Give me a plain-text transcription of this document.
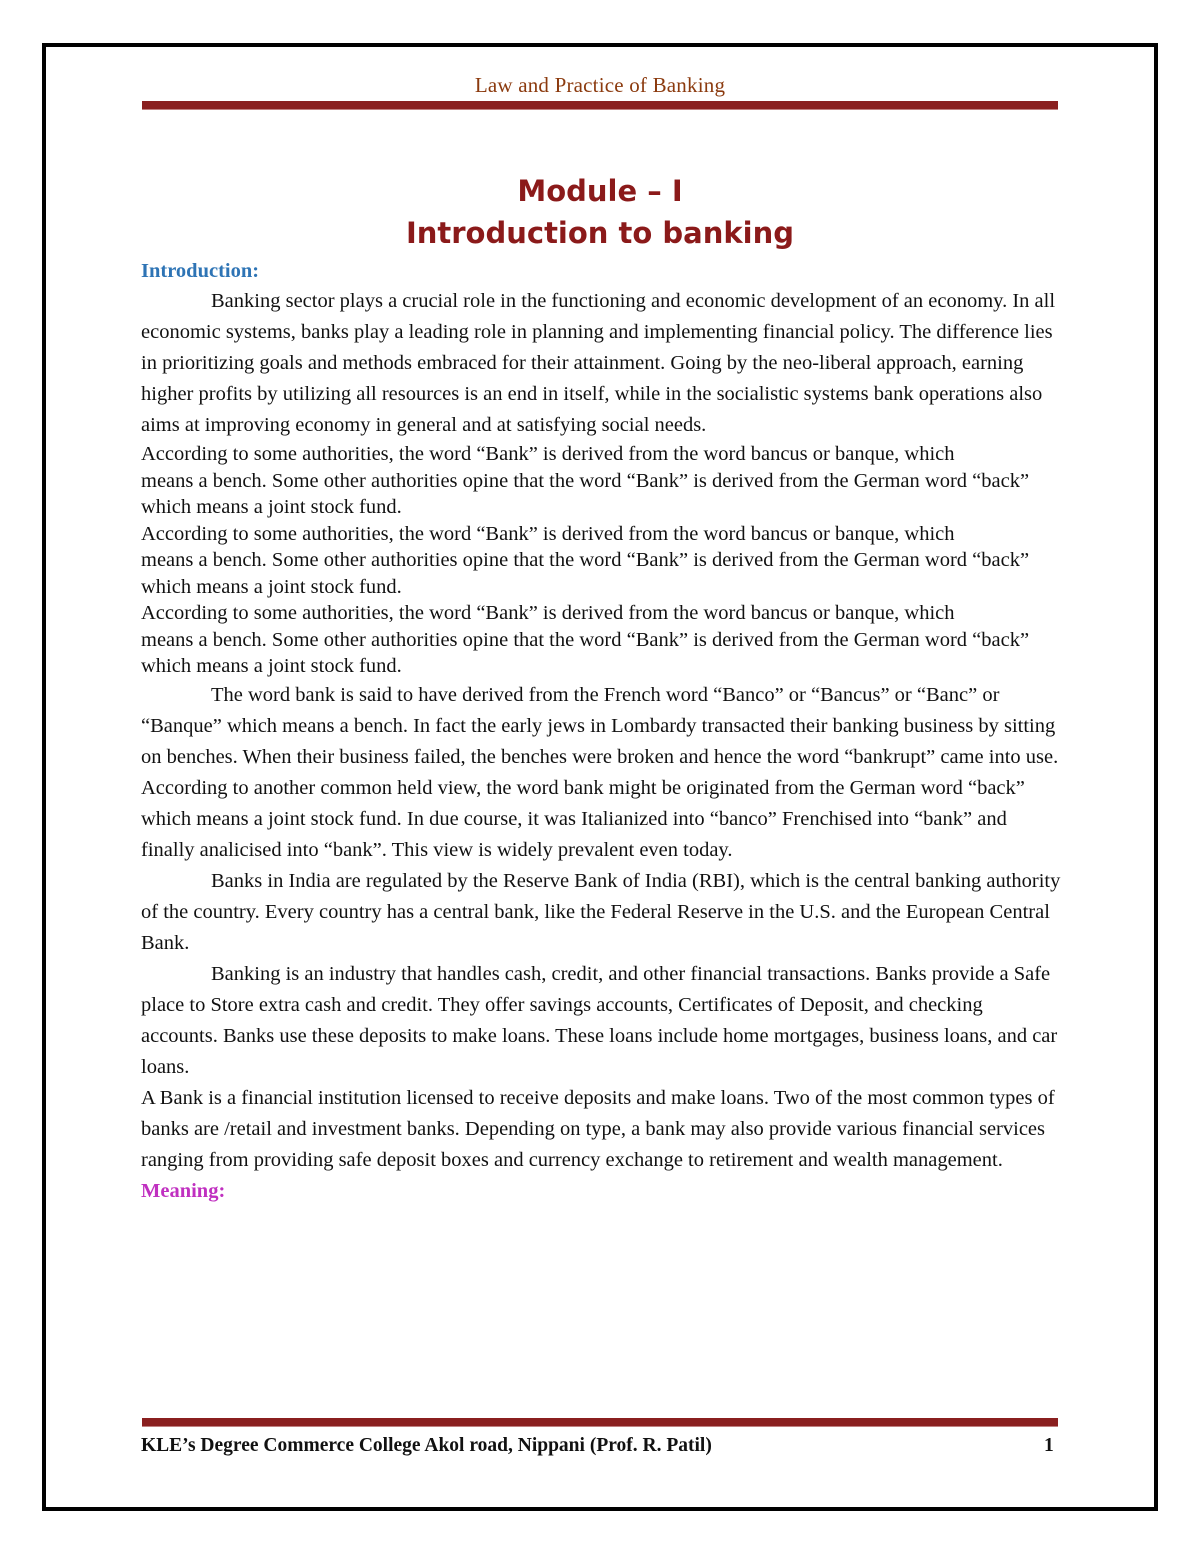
Law and Practice of Banking
Module – I
Introduction to banking
Introduction:

Banking sector plays a crucial role in the functioning and economic development of an economy. In all economic systems, banks play a leading role in planning and implementing financial policy. The difference lies in prioritizing goals and methods embraced for their attainment. Going by the neo-liberal approach, earning higher profits by utilizing all resources is an end in itself, while in the socialistic systems bank operations also aims at improving economy in general and at satisfying social needs.

According to some authorities, the word “Bank” is derived from the word bancus or banque, which

means a bench. Some other authorities opine that the word “Bank” is derived from the German word “back” which means a joint stock fund.

According to some authorities, the word “Bank” is derived from the word bancus or banque, which

means a bench. Some other authorities opine that the word “Bank” is derived from the German word “back” which means a joint stock fund.

According to some authorities, the word “Bank” is derived from the word bancus or banque, which

means a bench. Some other authorities opine that the word “Bank” is derived from the German word “back” which means a joint stock fund.

The word bank is said to have derived from the French word “Banco” or “Bancus” or “Banc” or “Banque” which means a bench. In fact the early jews in Lombardy transacted their banking business by sitting on benches. When their business failed, the benches were broken and hence the word “bankrupt” came into use. According to another common held view, the word bank might be originated from the German word “back” which means a joint stock fund. In due course, it was Italianized into “banco” Frenchised into “bank” and finally analicised into “bank”. This view is widely prevalent even today.

Banks in India are regulated by the Reserve Bank of India (RBI), which is the central banking authority of the country. Every country has a central bank, like the Federal Reserve in the U.S. and the European Central Bank.

Banking is an industry that handles cash, credit, and other financial transactions. Banks provide a Safe place to Store extra cash and credit. They offer savings accounts, Certificates of Deposit, and checking accounts. Banks use these deposits to make loans. These loans include home mortgages, business loans, and car loans.

A Bank is a financial institution licensed to receive deposits and make loans. Two of the most common types of banks are /retail and investment banks. Depending on type, a bank may also provide various financial services ranging from providing safe deposit boxes and currency exchange to retirement and wealth management.

Meaning:
KLE’s Degree Commerce College Akol road, Nippani (Prof. R. Patil)	1
